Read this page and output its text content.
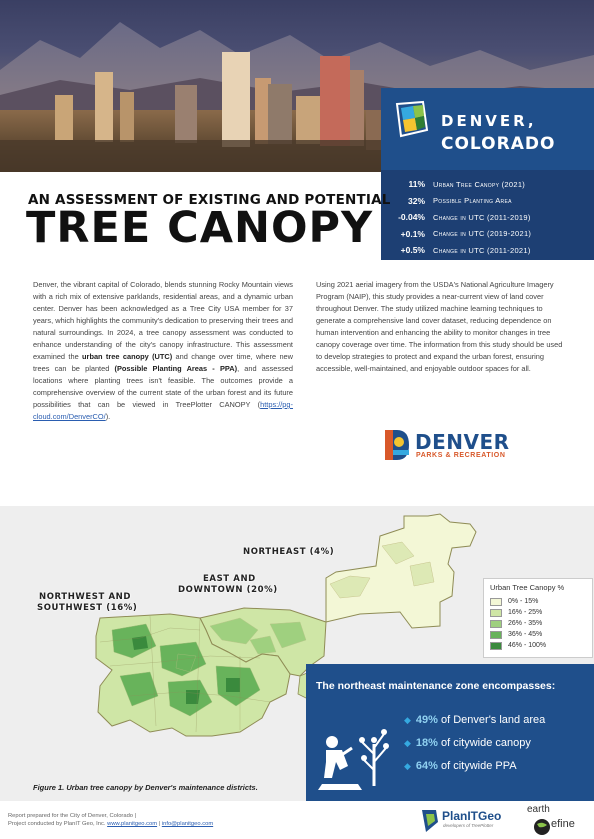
DENVER,
COLORADO
11%	Urban Tree Canopy (2021)
32%	Possible Planting Area
-0.04%	Change in UTC (2011-2019)
+0.1%	Change in UTC (2019-2021)
+0.5%	Change in UTC (2011-2021)
AN ASSESSMENT OF EXISTING AND POTENTIAL
TREE CANOPY
Denver, the vibrant capital of Colorado, blends stunning Rocky Mountain views with a rich mix of extensive parklands, residential areas, and a dynamic urban center. Denver has been acknowledged as a Tree City USA member for 37 years, which highlights the community's dedication to preserving their trees and natural surroundings. In 2024, a tree canopy assessment was conducted to enhance understanding of the city's canopy infrastructure. This assessment examined the urban tree canopy (UTC) and change over time, where new trees can be planted (Possible Planting Areas - PPA), and assessed locations where planting trees isn't feasible. The outcomes provide a comprehensive overview of the current state of the urban forest and its future possibilities that can be viewed in TreePlotter CANOPY (https://pg-cloud.com/DenverCO/).
Using 2021 aerial imagery from the USDA's National Agriculture Imagery Program (NAIP), this study provides a near-current view of land cover throughout Denver. The study utilized machine learning techniques to generate a comprehensive land cover dataset, reducing dependence on human intervention and enhancing the ability to monitor changes in tree canopy coverage over time. The information from this study should be used to develop strategies to protect and expand the urban forest, ensuring accessible, well-maintained, and enjoyable outdoor spaces for all.
DENVER
PARKS & RECREATION
NORTHEAST (4%)
EAST AND
DOWNTOWN (20%)
NORTHWEST AND
SOUTHWEST (16%)
Urban Tree Canopy %
0% - 15%
16% - 25%
26% - 35%
36% - 45%
46% - 100%
The northeast maintenance zone encompasses:
◆ 49% of Denver's land area
◆ 18% of citywide canopy
◆ 64% of citywide PPA
Figure 1. Urban tree canopy by Denver's maintenance districts.
Report prepared for the City of Denver, Colorado |
Project conducted by PlanIT Geo, Inc. www.planitgeo.com | info@planitgeo.com
PlanITGeo
developers of TreePlotter
earth
efine
